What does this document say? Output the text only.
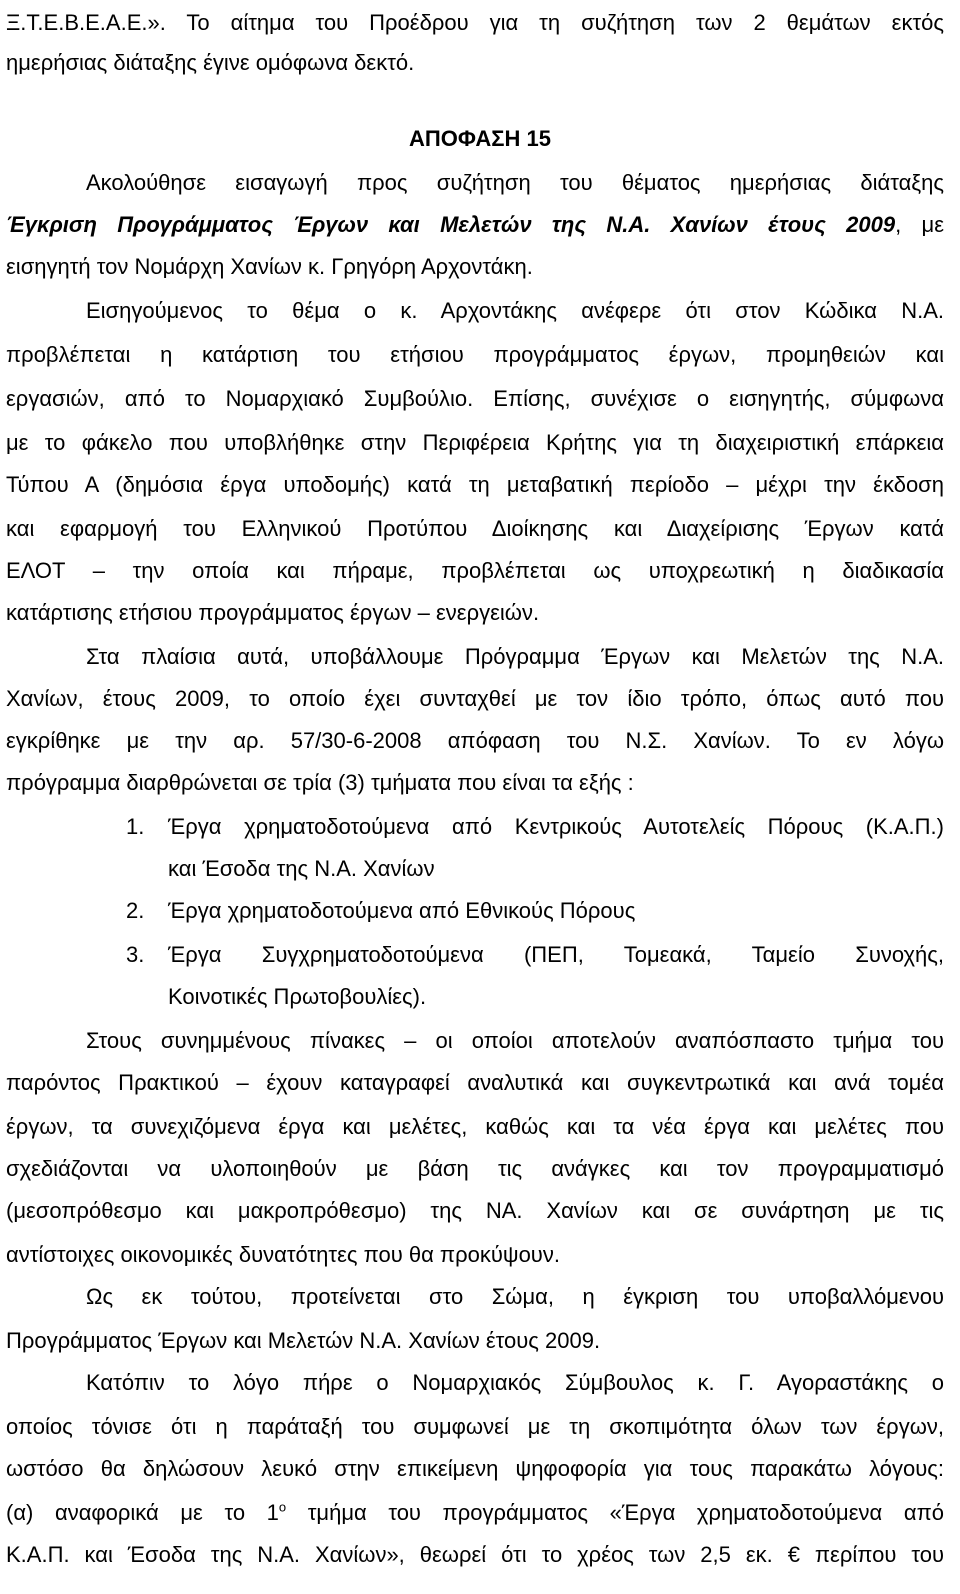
Ξ.Τ.Ε.Β.Ε.Α.Ε.». Το αίτημα του Προέδρου για τη συζήτηση των 2 θεμάτων εκτός
ημερήσιας διάταξης έγινε ομόφωνα δεκτό.
ΑΠΟΦΑΣΗ 15
Ακολούθησε εισαγωγή προς συζήτηση του θέματος ημερήσιας διάταξης
Έγκριση Προγράμματος Έργων και Μελετών της Ν.Α. Χανίων έτους 2009, με
εισηγητή τον Νομάρχη Χανίων κ. Γρηγόρη Αρχοντάκη.
Εισηγούμενος το θέμα ο κ. Αρχοντάκης ανέφερε ότι στον Κώδικα Ν.Α.
προβλέπεται η κατάρτιση του ετήσιου προγράμματος έργων, προμηθειών και
εργασιών, από το Νομαρχιακό Συμβούλιο. Επίσης, συνέχισε ο εισηγητής, σύμφωνα
με το φάκελο που υποβλήθηκε στην Περιφέρεια Κρήτης για τη διαχειριστική επάρκεια
Τύπου Α (δημόσια έργα υποδομής) κατά τη μεταβατική περίοδο – μέχρι την έκδοση
και εφαρμογή του Ελληνικού Προτύπου Διοίκησης και Διαχείρισης Έργων κατά
ΕΛΟΤ – την οποία και πήραμε, προβλέπεται ως υποχρεωτική η διαδικασία
κατάρτισης ετήσιου προγράμματος έργων – ενεργειών.
Στα πλαίσια αυτά, υποβάλλουμε Πρόγραμμα Έργων και Μελετών της Ν.Α.
Χανίων, έτους 2009, το οποίο έχει συνταχθεί με τον ίδιο τρόπο, όπως αυτό που
εγκρίθηκε με την αρ. 57/30-6-2008 απόφαση του Ν.Σ. Χανίων. Το εν λόγω
πρόγραμμα διαρθρώνεται σε τρία (3) τμήματα που είναι τα εξής :
1. Έργα χρηματοδοτούμενα από Κεντρικούς Αυτοτελείς Πόρους (Κ.Α.Π.)
και Έσοδα της Ν.Α. Χανίων
2. Έργα χρηματοδοτούμενα από Εθνικούς Πόρους
3. Έργα Συγχρηματοδοτούμενα (ΠΕΠ, Τομεακά, Ταμείο Συνοχής,
Κοινοτικές Πρωτοβουλίες).
Στους συνημμένους πίνακες – οι οποίοι αποτελούν αναπόσπαστο τμήμα του
παρόντος Πρακτικού – έχουν καταγραφεί αναλυτικά και συγκεντρωτικά και ανά τομέα
έργων, τα συνεχιζόμενα έργα και μελέτες, καθώς και τα νέα έργα και μελέτες που
σχεδιάζονται να υλοποιηθούν με βάση τις ανάγκες και τον προγραμματισμό
(μεσοπρόθεσμο και μακροπρόθεσμο) της ΝΑ. Χανίων και σε συνάρτηση με τις
αντίστοιχες οικονομικές δυνατότητες που θα προκύψουν.
Ως εκ τούτου, προτείνεται στο Σώμα, η έγκριση του υποβαλλόμενου
Προγράμματος Έργων και Μελετών Ν.Α. Χανίων έτους 2009.
Κατόπιν το λόγο πήρε ο Νομαρχιακός Σύμβουλος κ. Γ. Αγοραστάκης ο
οποίος τόνισε ότι η παράταξή του συμφωνεί με τη σκοπιμότητα όλων των έργων,
ωστόσο θα δηλώσουν λευκό στην επικείμενη ψηφοφορία για τους παρακάτω λόγους:
(α) αναφορικά με το $1^o$ τμήμα του προγράμματος «Έργα χρηματοδοτούμενα από
Κ.Α.Π. και Έσοδα της Ν.Α. Χανίων», θεωρεί ότι το χρέος των 2,5 εκ. € περίπου του
